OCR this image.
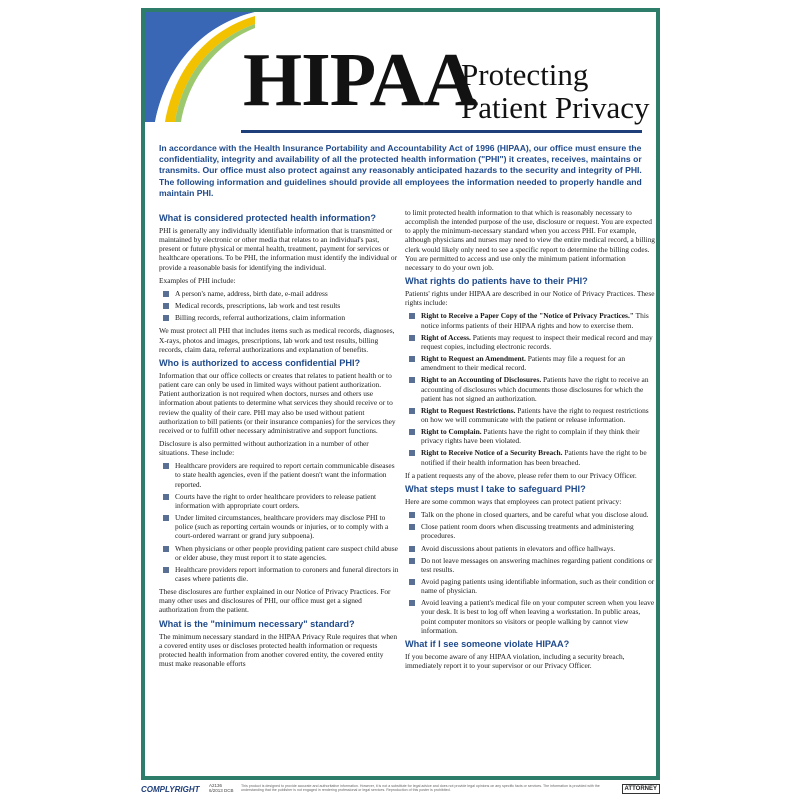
HIPAA
Protecting
Patient Privacy
In accordance with the Health Insurance Portability and Accountability Act of 1996 (HIPAA), our office must ensure the confidentiality, integrity and availability of all the protected health information ("PHI") it creates, receives, maintains or transmits. Our office must also protect against any reasonably anticipated hazards to the security and integrity of PHI. The following information and guidelines should provide all employees the information needed to properly handle and maintain PHI.
What is considered protected health information?

PHI is generally any individually identifiable information that is transmitted or maintained by electronic or other media that relates to an individual's past, present or future physical or mental health, treatment, payment for services or healthcare operations. To be PHI, the information must identify the individual or provide a reasonable basis for identifying the individual.

Examples of PHI include:

A person's name, address, birth date, e-mail address
Medical records, prescriptions, lab work and test results
Billing records, referral authorizations, claim information

We must protect all PHI that includes items such as medical records, diagnoses, X-rays, photos and images, prescriptions, lab work and test results, billing records, claim data, referral authorizations and explanation of benefits.

Who is authorized to access confidential PHI?

Information that our office collects or creates that relates to patient health or to patient care can only be used in limited ways without patient authorization. Patient authorization is not required when doctors, nurses and others use information about patients to determine what services they should receive or to review the quality of their care. PHI may also be used without patient authorization to bill patients (or their insurance companies) for the services they received or to fulfill other necessary administrative and support functions.

Disclosure is also permitted without authorization in a number of other situations. These include:

Healthcare providers are required to report certain communicable diseases to state health agencies, even if the patient doesn't want the information reported.
Courts have the right to order healthcare providers to release patient information with appropriate court orders.
Under limited circumstances, healthcare providers may disclose PHI to police (such as reporting certain wounds or injuries, or to comply with a court-ordered warrant or grand jury subpoena).
When physicians or other people providing patient care suspect child abuse or elder abuse, they must report it to state agencies.
Healthcare providers report information to coroners and funeral directors in cases where patients die.

These disclosures are further explained in our Notice of Privacy Practices. For many other uses and disclosures of PHI, our office must get a signed authorization from the patient.

What is the "minimum necessary" standard?

The minimum necessary standard in the HIPAA Privacy Rule requires that when a covered entity uses or discloses protected health information or requests protected health information from another covered entity, the covered entity must make reasonable efforts

to limit protected health information to that which is reasonably necessary to accomplish the intended purpose of the use, disclosure or request. You are expected to apply the minimum-necessary standard when you access PHI. For example, although physicians and nurses may need to view the entire medical record, a billing clerk would likely only need to see a specific report to determine the billing codes. You are permitted to access and use only the minimum patient information necessary to do your own job.

What rights do patients have to their PHI?

Patients' rights under HIPAA are described in our Notice of Privacy Practices. These rights include:

Right to Receive a Paper Copy of the "Notice of Privacy Practices." This notice informs patients of their HIPAA rights and how to exercise them.
Right of Access. Patients may request to inspect their medical record and may request copies, including electronic records.
Right to Request an Amendment. Patients may file a request for an amendment to their medical record.
Right to an Accounting of Disclosures. Patients have the right to receive an accounting of disclosures which documents those disclosures for which the patient has not signed an authorization.
Right to Request Restrictions. Patients have the right to request restrictions on how we will communicate with the patient or release information.
Right to Complain. Patients have the right to complain if they think their privacy rights have been violated.
Right to Receive Notice of a Security Breach. Patients have the right to be notified if their health information has been breached.

If a patient requests any of the above, please refer them to our Privacy Officer.

What steps must I take to safeguard PHI?

Here are some common ways that employees can protect patient privacy:

Talk on the phone in closed quarters, and be careful what you disclose aloud.
Close patient room doors when discussing treatments and administering procedures.
Avoid discussions about patients in elevators and office hallways.
Do not leave messages on answering machines regarding patient conditions or test results.
Avoid paging patients using identifiable information, such as their condition or name of physician.
Avoid leaving a patient's medical file on your computer screen when you leave your desk. It is best to log off when leaving a workstation. In public areas, point computer monitors so visitors or people walking by cannot view information.
What if I see someone violate HIPAA?

If you become aware of any HIPAA violation, including a security breach, immediately report it to your supervisor or our Privacy Officer.

COMPLYRIGHT A2136
6/2013 DCB
This product is designed to provide accurate and authoritative information. However, it is not a substitute for legal advice and does not provide legal opinions on any specific facts or services. The information is provided with the understanding that the publisher is not engaged in rendering professional or legal services. Reproduction of this poster is prohibited.	ATTORNEY
